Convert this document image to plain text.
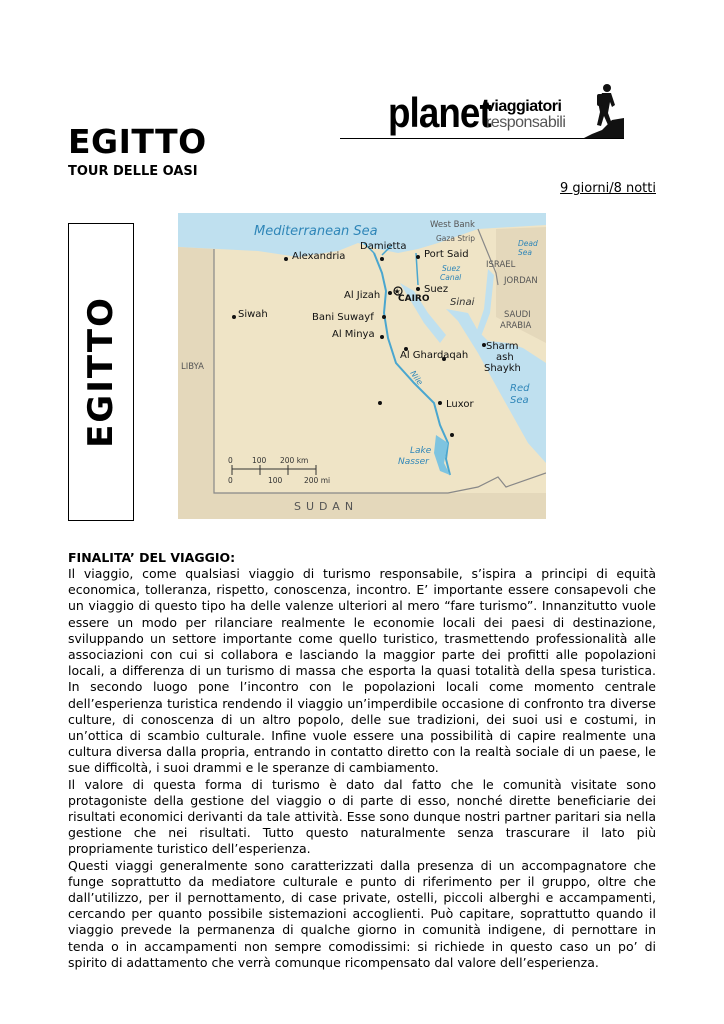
planet
viaggiatori
responsabili
EGITTO
TOUR DELLE OASI
9 giorni/8 notti
EGITTO
Mediterranean Sea	West Bank
Gaza Strip
Dead
Sea
ISRAEL
JORDAN
SAUDI
ARABIA
LIBYA
SUDAN
Sinai
Suez
Canal
Nile
Red
Sea
Lake
Nasser
★
Alexandria
Damietta
Port Said
Suez
Al Jizah CAIRO
Siwah	Bani Suwayf
Al Minya
Al Ghardaqah
Sharm
ash
Shaykh
Luxor
0	100 200 km
0	100	200 mi
FINALITA’ DEL VIAGGIO:

Il viaggio, come qualsiasi viaggio di turismo responsabile, s’ispira a principi di equità economica, tolleranza, rispetto, conoscenza, incontro. E’ importante essere consapevoli che un viaggio di questo tipo ha delle valenze ulteriori al mero “fare turismo”. Innanzitutto vuole essere un modo per rilanciare realmente le economie locali dei paesi di destinazione, sviluppando un settore importante come quello turistico, trasmettendo professionalità alle associazioni con cui si collabora e lasciando la maggior parte dei profitti alle popolazioni locali, a differenza di un turismo di massa che esporta la quasi totalità della spesa turistica. In secondo luogo pone l’incontro con le popolazioni locali come momento centrale dell’esperienza turistica rendendo il viaggio un’imperdibile occasione di confronto tra diverse culture, di conoscenza di un altro popolo, delle sue tradizioni, dei suoi usi e costumi, in un’ottica di scambio culturale. Infine vuole essere una possibilità di capire realmente una cultura diversa dalla propria, entrando in contatto diretto con la realtà sociale di un paese, le sue difficoltà, i suoi drammi e le speranze di cambiamento.

Il valore di questa forma di turismo è dato dal fatto che le comunità visitate sono protagoniste della gestione del viaggio o di parte di esso, nonché dirette beneficiarie dei risultati economici derivanti da tale attività. Esse sono dunque nostri partner paritari sia nella gestione che nei risultati. Tutto questo naturalmente senza trascurare il lato più propriamente turistico dell’esperienza.

Questi viaggi generalmente sono caratterizzati dalla presenza di un accompagnatore che funge soprattutto da mediatore culturale e punto di riferimento per il gruppo, oltre che dall’utilizzo, per il pernottamento, di case private, ostelli, piccoli alberghi e accampamenti, cercando per quanto possibile sistemazioni accoglienti. Può capitare, soprattutto quando il viaggio prevede la permanenza di qualche giorno in comunità indigene, di pernottare in tenda o in accampamenti non sempre comodissimi: si richiede in questo caso un po’ di spirito di adattamento che verrà comunque ricompensato dal valore dell’esperienza.
